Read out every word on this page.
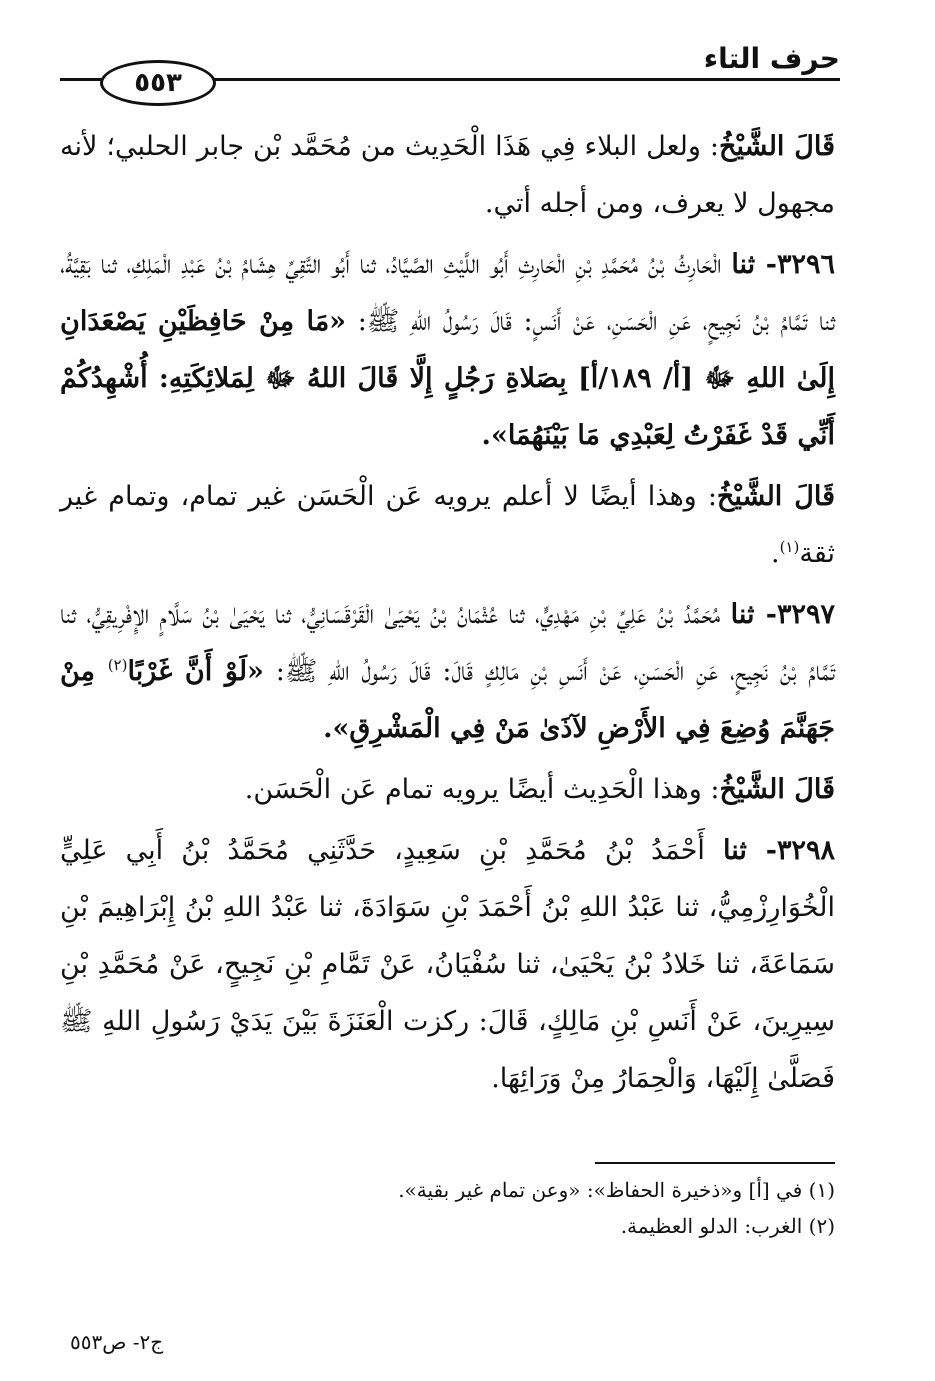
حرف التاء
٥٥٣

قَالَ الشَّيْخُ: ولعل البلاء فِي هَذَا الْحَدِيث من مُحَمَّد بْن جابر الحلبي؛ لأنه مجهول لا يعرف، ومن أجله أتي.

٣٢٩٦- ثنا الْحَارِثُ بْنُ مُحَمَّدِ بْنِ الْحَارِثِ أَبُو اللَّيْثِ الصَّيَّادُ، ثنا أَبُو التَّقِيِّ هِشَامُ بْنُ عَبْدِ الْمَلِكِ، ثنا بَقِيَّةُ، ثنا تَمَّامُ بْنُ نَجِيحٍ، عَنِ الْحَسَنِ، عَنْ أَنَسٍ: قَالَ رَسُولُ اللهِ ﷺ: «مَا مِنْ حَافِظَيْنِ يَصْعَدَانِ إِلَىٰ اللهِ ﷻ [أ/ ١٨٩/أ] بِصَلاةِ رَجُلٍ إِلَّا قَالَ اللهُ ﷻ لِمَلائِكَتِهِ: أُشْهِدُكُمْ أَنِّي قَدْ غَفَرْتُ لِعَبْدِي مَا بَيْنَهُمَا».

قَالَ الشَّيْخُ: وهذا أيضًا لا أعلم يرويه عَن الْحَسَن غير تمام، وتمام غير ثقة$^{(١)}$.

٣٢٩٧- ثنا مُحَمَّدُ بْنُ عَلِيِّ بْنِ مَهْدِيٍّ، ثنا عُثْمَانُ بْنُ يَحْيَىٰ الْقَرْقَسَانِيُّ، ثنا يَحْيَىٰ بْنُ سَلَّامٍ الإِفْرِيقِيُّ، ثنا تَمَّامُ بْنُ نَجِيحٍ، عَنِ الْحَسَنِ، عَنْ أَنَسِ بْنِ مَالِكٍ قَالَ: قَالَ رَسُولُ اللهِ ﷺ: «لَوْ أَنَّ غَرْبًا$^{(٢)}$ مِنْ جَهَنَّمَ وُضِعَ فِي الأَرْضِ لآذَىٰ مَنْ فِي الْمَشْرِقِ».

قَالَ الشَّيْخُ: وهذا الْحَدِيث أيضًا يرويه تمام عَن الْحَسَن.

٣٢٩٨- ثنا أَحْمَدُ بْنُ مُحَمَّدِ بْنِ سَعِيدٍ، حَدَّثَنِي مُحَمَّدُ بْنُ أَبِي عَلِيٍّ الْخُوَارِزْمِيُّ، ثنا عَبْدُ اللهِ بْنُ أَحْمَدَ بْنِ سَوَادَةَ، ثنا عَبْدُ اللهِ بْنُ إِبْرَاهِيمَ بْنِ سَمَاعَةَ، ثنا خَلادُ بْنُ يَحْيَىٰ، ثنا سُفْيَانُ، عَنْ تَمَّامِ بْنِ نَجِيحٍ، عَنْ مُحَمَّدِ بْنِ سِيرِينَ، عَنْ أَنَسِ بْنِ مَالِكٍ، قَالَ: ركزت الْعَنَزَةَ بَيْنَ يَدَيْ رَسُولِ اللهِ ﷺ فَصَلَّىٰ إِلَيْهَا، وَالْحِمَارُ مِنْ وَرَائِهَا.

(١) في [أ] و«ذخيرة الحفاظ»: «وعن تمام غير بقية».
(٢) الغرب: الدلو العظيمة.
ج٢- ص٥٥٣
